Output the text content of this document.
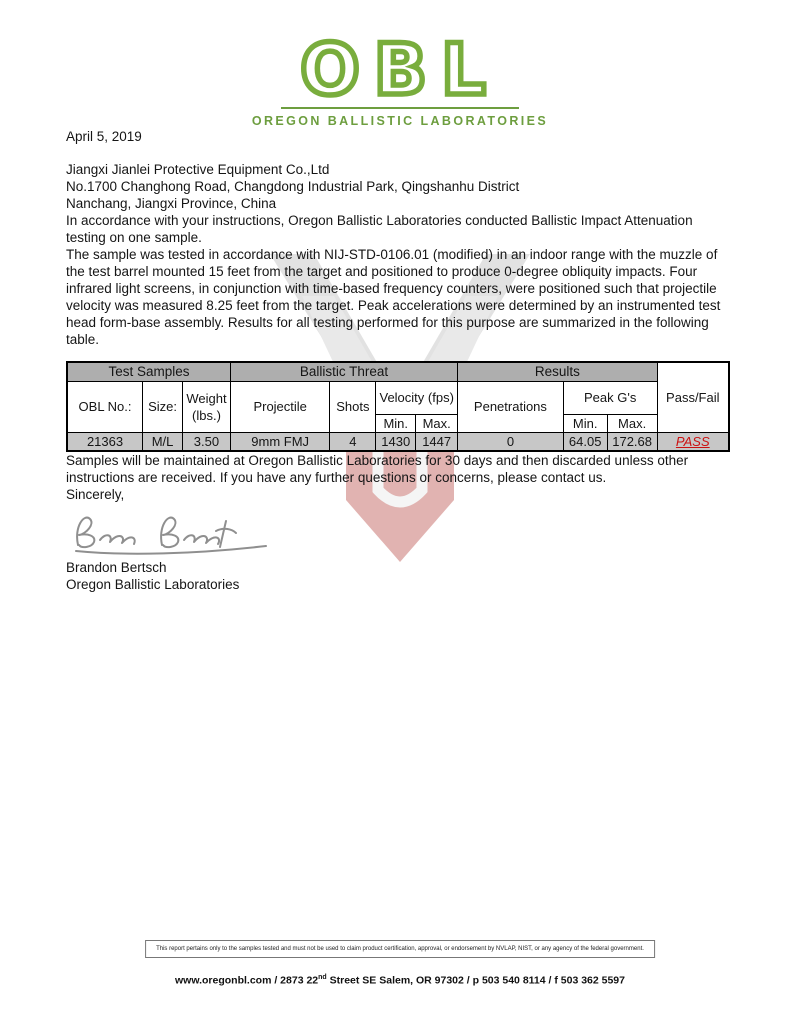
OBL
OREGON BALLISTIC LABORATORIES

April 5, 2019

Jiangxi Jianlei Protective Equipment Co.,Ltd

No.1700 Changhong Road, Changdong Industrial Park, Qingshanhu District

Nanchang, Jiangxi Province, China

In accordance with your instructions, Oregon Ballistic Laboratories conducted Ballistic Impact Attenuation testing on one sample.

The sample was tested in accordance with NIJ-STD-0106.01 (modified) in an indoor range with the muzzle of the test barrel mounted 15 feet from the target and positioned to produce 0-degree obliquity impacts. Four infrared light screens, in conjunction with time-based frequency counters, were positioned such that projectile velocity was measured 8.25 feet from the target. Peak accelerations were determined by an instrumented test head form-base assembly. Results for all testing performed for this purpose are summarized in the following table.

Test Samples			Ballistic Threat				Results			Pass/Fail
OBL No.:	Size:	Weight (lbs.)	Projectile	Shots	Velocity (fps)		Penetrations	Peak G's		
					Min.	Max.		Min.	Max.	
21363	M/L	3.50	9mm FMJ	4	1430	1447	0	64.05	172.68	PASS

Samples will be maintained at Oregon Ballistic Laboratories for 30 days and then discarded unless other instructions are received. If you have any further questions or concerns, please contact us.

Sincerely,

Brandon Bertsch

Oregon Ballistic Laboratories

This report pertains only to the samples tested and must not be used to claim product certification, approval, or endorsement by NVLAP, NIST, or any agency of the federal government.
www.oregonbl.com / 2873 22nd Street SE Salem, OR 97302 / p 503 540 8114 / f 503 362 5597
